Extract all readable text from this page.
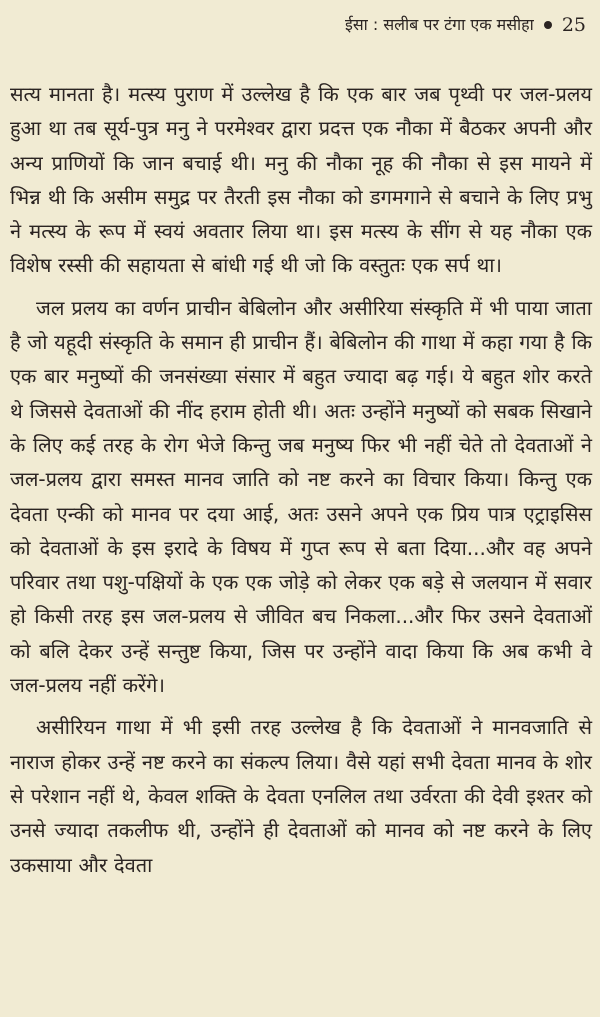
ईसा : सलीब पर टंगा एक मसीहा 25

सत्य मानता है। मत्स्य पुराण में उल्लेख है कि एक बार जब पृथ्वी पर जल-प्रलय हुआ था तब सूर्य-पुत्र मनु ने परमेश्वर द्वारा प्रदत्त एक नौका में बैठकर अपनी और अन्य प्राणियों कि जान बचाई थी। मनु की नौका नूह की नौका से इस मायने में भिन्न थी कि असीम समुद्र पर तैरती इस नौका को डगमगाने से बचाने के लिए प्रभु ने मत्स्य के रूप में स्वयं अवतार लिया था। इस मत्स्य के सींग से यह नौका एक विशेष रस्सी की सहायता से बांधी गई थी जो कि वस्तुतः एक सर्प था।

जल प्रलय का वर्णन प्राचीन बेबिलोन और असीरिया संस्कृति में भी पाया जाता है जो यहूदी संस्कृति के समान ही प्राचीन हैं। बेबिलोन की गाथा में कहा गया है कि एक बार मनुष्यों की जनसंख्या संसार में बहुत ज्यादा बढ़ गई। ये बहुत शोर करते थे जिससे देवताओं की नींद हराम होती थी। अतः उन्होंने मनुष्यों को सबक सिखाने के लिए कई तरह के रोग भेजे किन्तु जब मनुष्य फिर भी नहीं चेते तो देवताओं ने जल-प्रलय द्वारा समस्त मानव जाति को नष्ट करने का विचार किया। किन्तु एक देवता एन्की को मानव पर दया आई, अतः उसने अपने एक प्रिय पात्र एट्राइसिस को देवताओं के इस इरादे के विषय में गुप्त रूप से बता दिया...और वह अपने परिवार तथा पशु-पक्षियों के एक एक जोड़े को लेकर एक बड़े से जलयान में सवार हो किसी तरह इस जल-प्रलय से जीवित बच निकला...और फिर उसने देवताओं को बलि देकर उन्हें सन्तुष्ट किया, जिस पर उन्होंने वादा किया कि अब कभी वे जल-प्रलय नहीं करेंगे।

असीरियन गाथा में भी इसी तरह उल्लेख है कि देवताओं ने मानवजाति से नाराज होकर उन्हें नष्ट करने का संकल्प लिया। वैसे यहां सभी देवता मानव के शोर से परेशान नहीं थे, केवल शक्ति के देवता एनलिल तथा उर्वरता की देवी इश्तर को उनसे ज्यादा तकलीफ थी, उन्होंने ही देवताओं को मानव को नष्ट करने के लिए उकसाया और देवता
